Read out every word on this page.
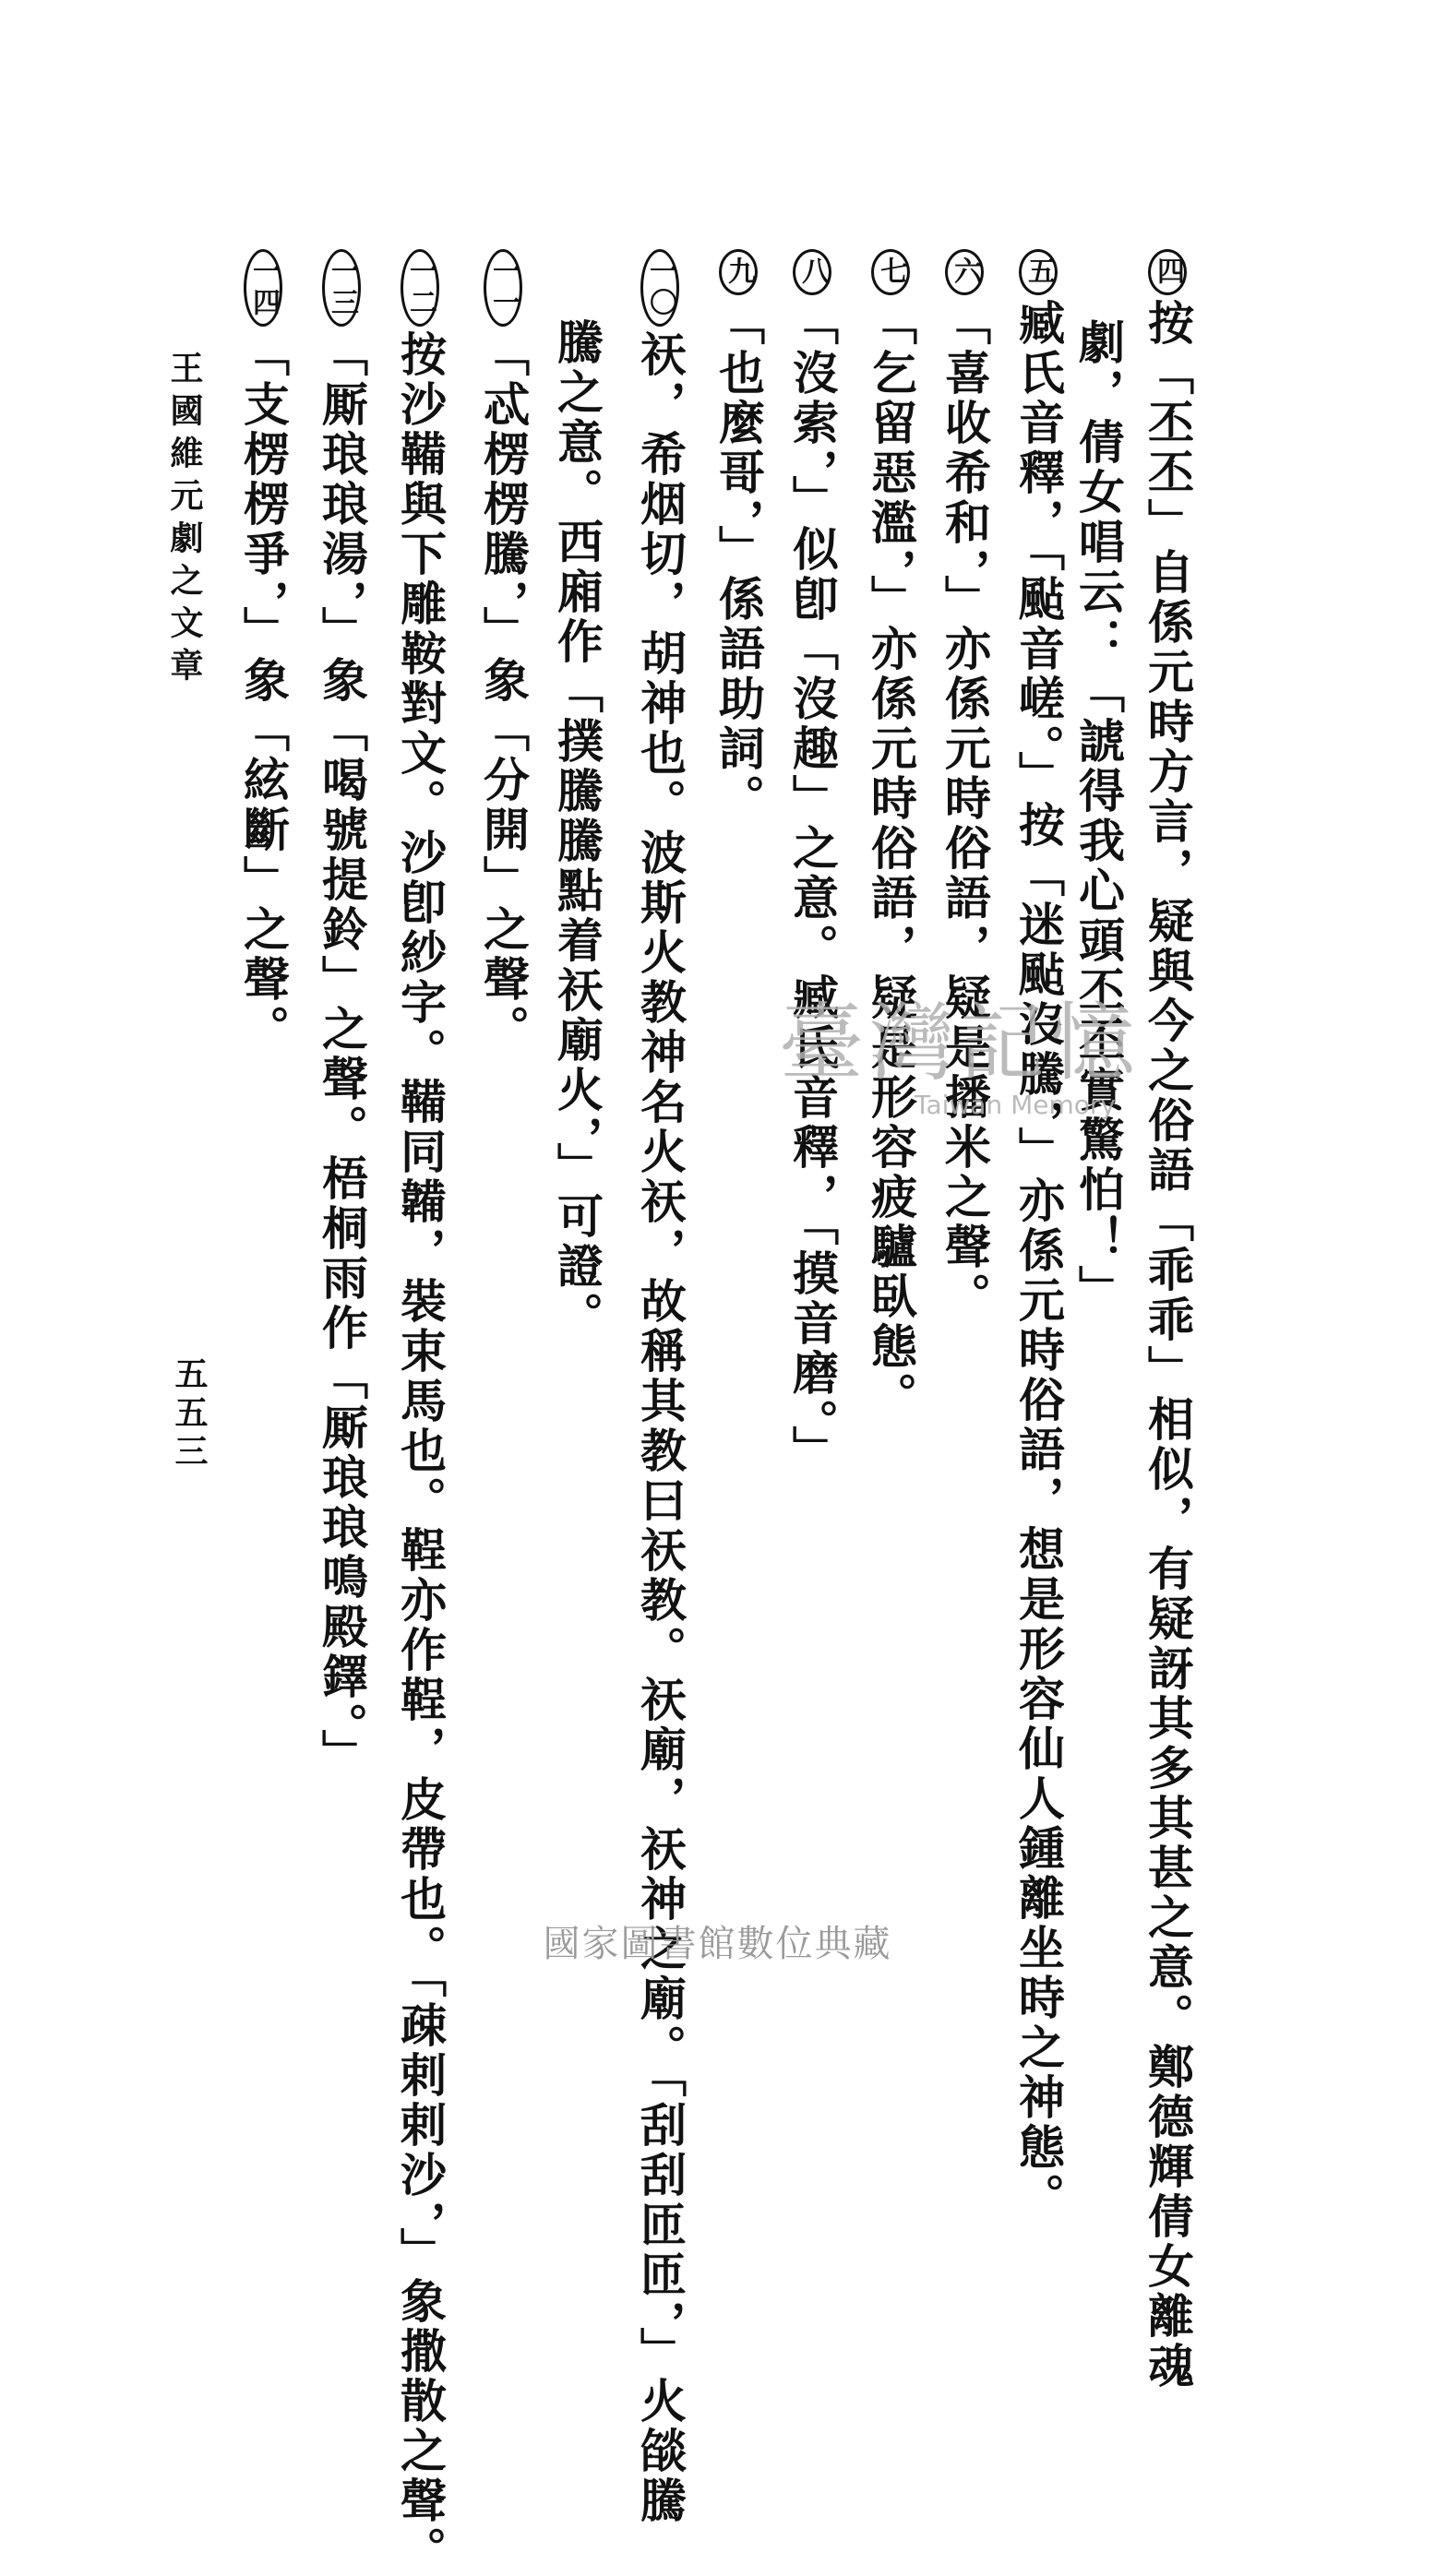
四按「丕丕」自係元時方言，疑與今之俗語「乖乖」相似，有疑訝其多其甚之意。鄭德輝倩女離魂
劇，倩女唱云：「諕得我心頭丕丕實驚怕！」
五臧氏音釋，「颭音嵯。」按「迷颭沒騰，」亦係元時俗語，想是形容仙人鍾離坐時之神態。
六「喜收希和，」亦係元時俗語，疑是播米之聲。
七「乞留惡濫，」亦係元時俗語，疑是形容疲驢臥態。
八「沒索，」似卽「沒趣」之意。臧氏音釋，「摸音磨。」
九「也麼哥，」係語助詞。
一〇祆，希烟切，胡神也。波斯火教神名火祆，故稱其教曰祆教。祆廟，祆神之廟。「刮刮匝匝，」火燄騰
騰之意。西廂作「撲騰騰點着祆廟火，」可證。
一一「忒楞楞騰，」象「分開」之聲。
一二按沙鞴與下雕鞍對文。沙卽紗字。鞴同韛，裝束馬也。鞓亦作鞓，皮帶也。「疎剌剌沙，」象撒散之聲。
一三「厮琅琅湯，」象「喝號提鈴」之聲。梧桐雨作「厮琅琅鳴殿鐸。」
一四「支楞楞爭，」象「絃斷」之聲。
王國維元劇之文章
五五三
臺灣記憶
Taiwan Memory
國家圖書館數位典藏
